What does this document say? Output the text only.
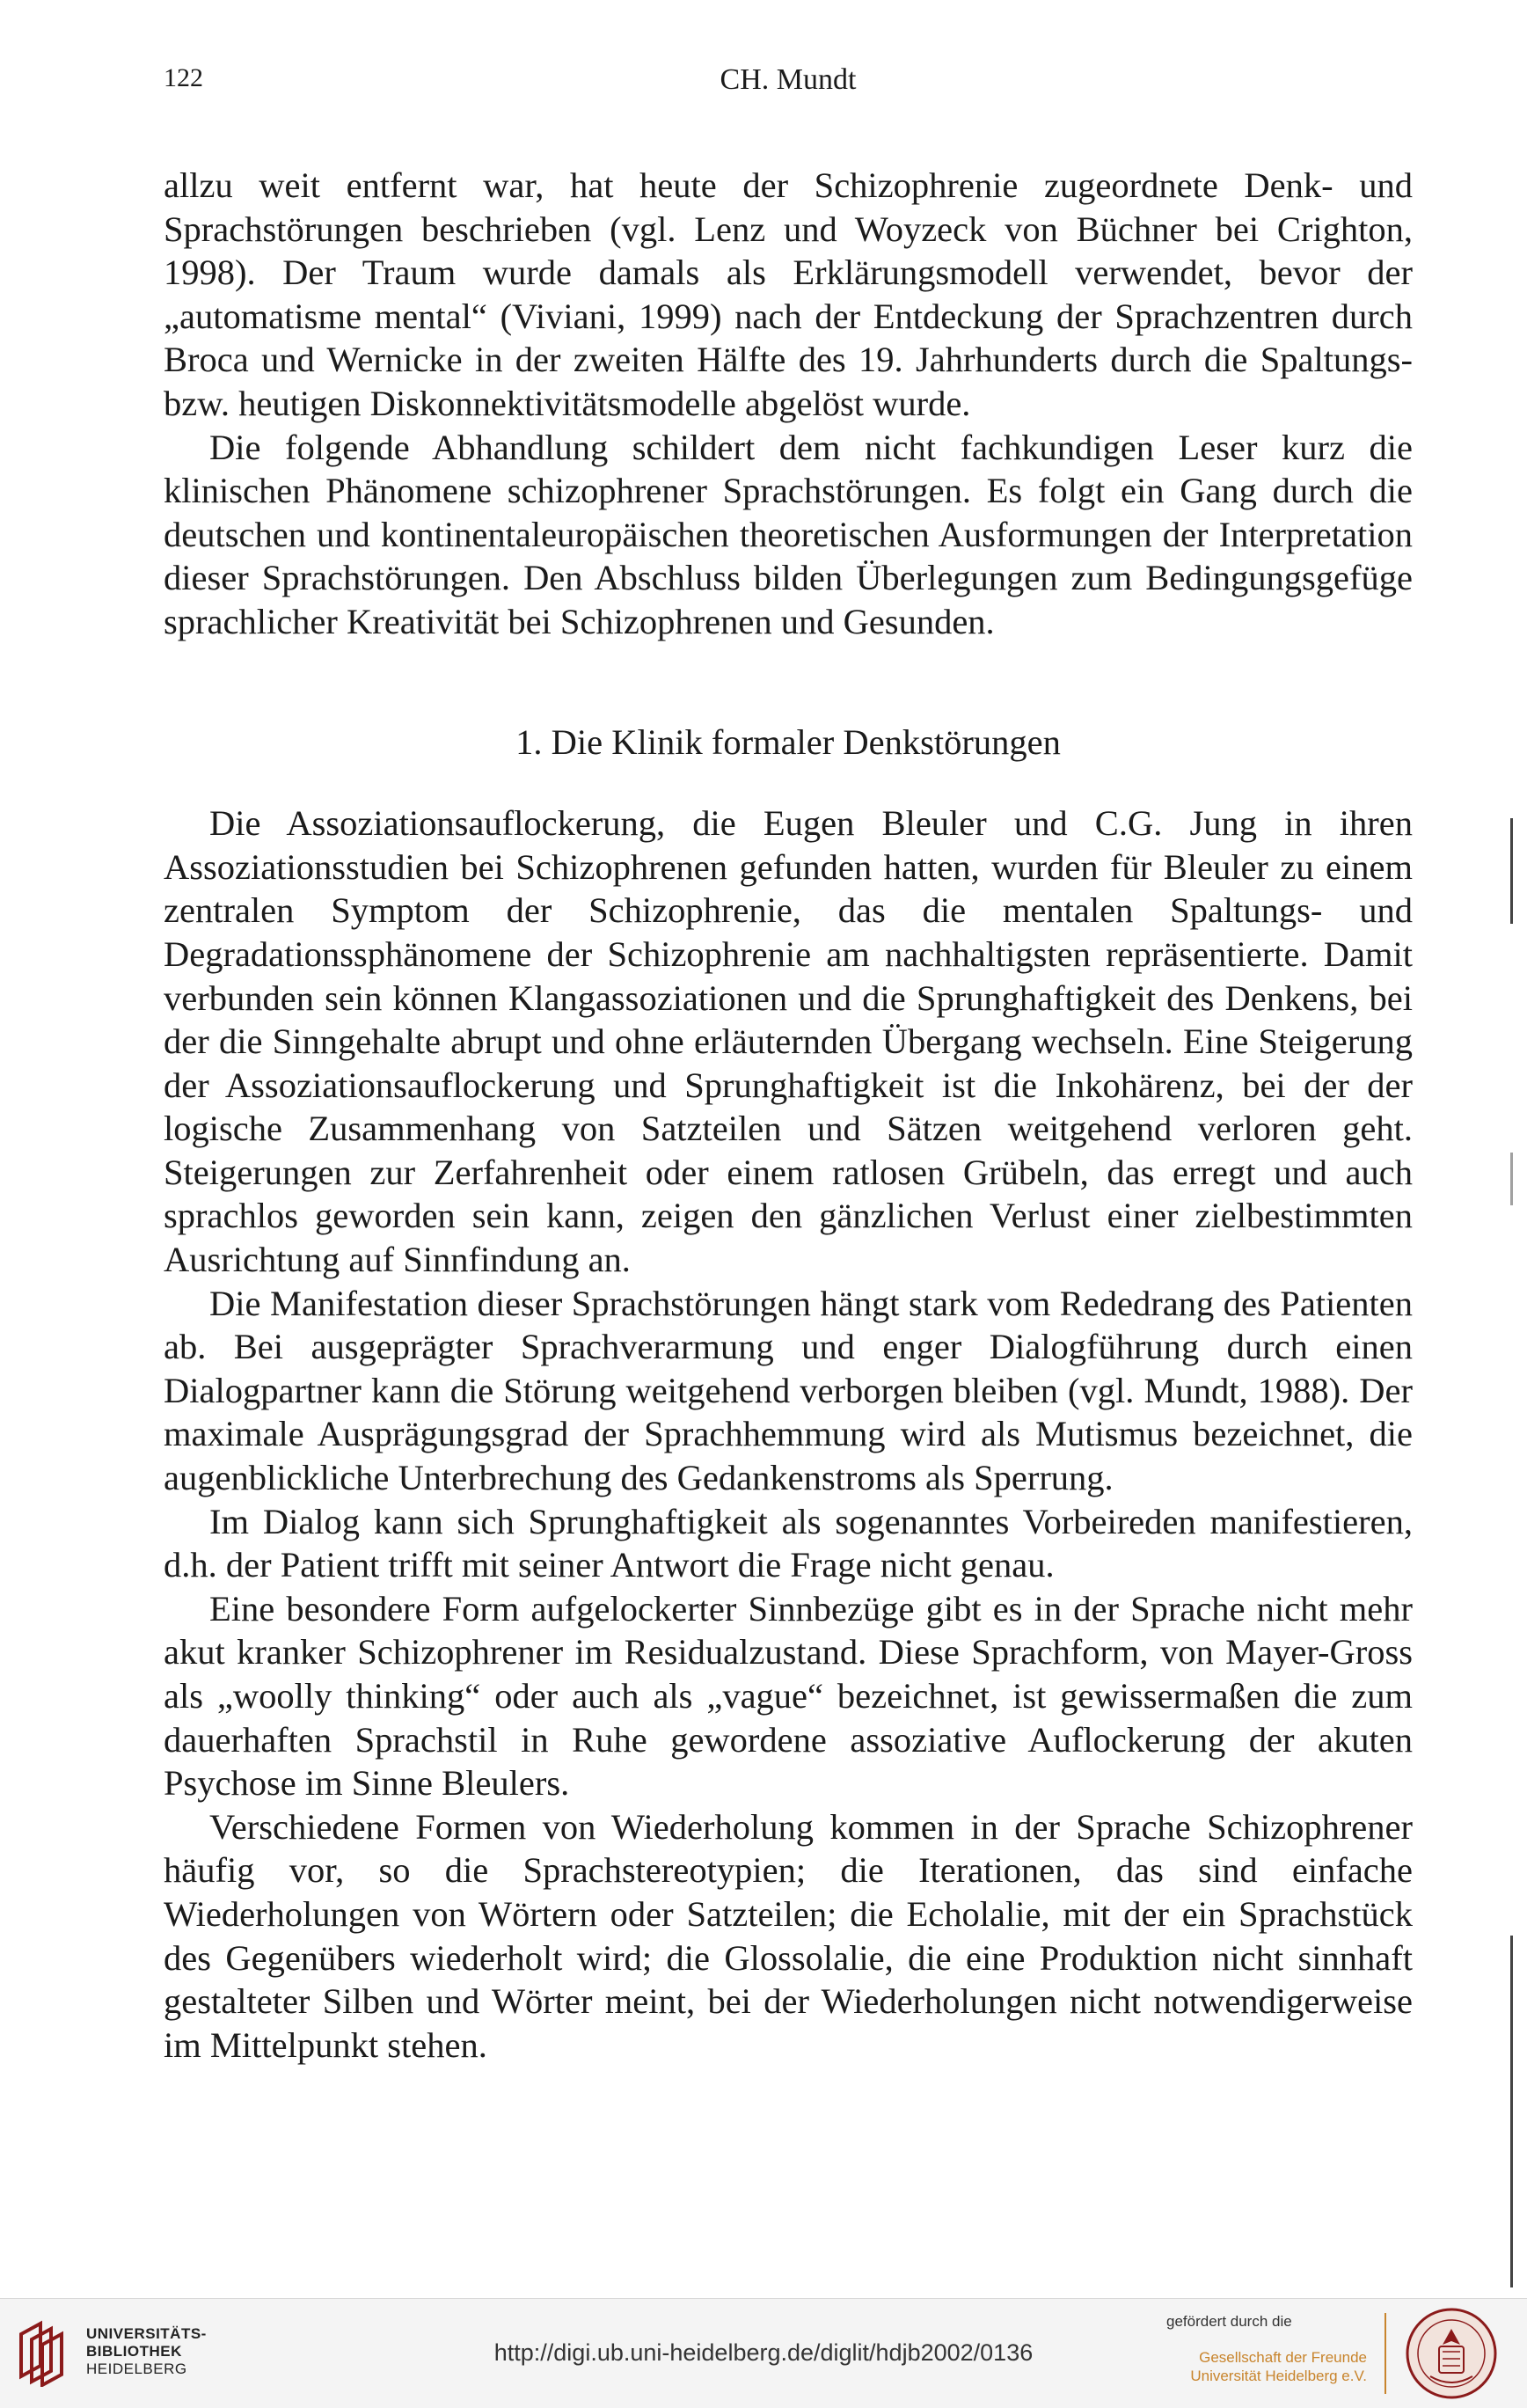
122	CH. Mundt

allzu weit entfernt war, hat heute der Schizophrenie zugeordnete Denk- und Sprachstörungen beschrieben (vgl. Lenz und Woyzeck von Büchner bei Crighton, 1998). Der Traum wurde damals als Erklärungsmodell verwendet, bevor der „automatisme mental“ (Viviani, 1999) nach der Entdeckung der Sprachzentren durch Broca und Wernicke in der zweiten Hälfte des 19. Jahrhunderts durch die Spaltungs- bzw. heutigen Diskonnektivitätsmodelle abgelöst wurde.

Die folgende Abhandlung schildert dem nicht fachkundigen Leser kurz die klinischen Phänomene schizophrener Sprachstörungen. Es folgt ein Gang durch die deutschen und kontinentaleuropäischen theoretischen Ausformungen der Interpretation dieser Sprachstörungen. Den Abschluss bilden Überlegungen zum Bedingungsgefüge sprachlicher Kreativität bei Schizophrenen und Gesunden.

1. Die Klinik formaler Denkstörungen

Die Assoziationsauflockerung, die Eugen Bleuler und C.G. Jung in ihren Assoziationsstudien bei Schizophrenen gefunden hatten, wurden für Bleuler zu einem zentralen Symptom der Schizophrenie, das die mentalen Spaltungs- und Degradationssphänomene der Schizophrenie am nachhaltigsten repräsentierte. Damit verbunden sein können Klangassoziationen und die Sprunghaftigkeit des Denkens, bei der die Sinngehalte abrupt und ohne erläuternden Übergang wechseln. Eine Steigerung der Assoziationsauflockerung und Sprunghaftigkeit ist die Inkohärenz, bei der der logische Zusammenhang von Satzteilen und Sätzen weitgehend verloren geht. Steigerungen zur Zerfahrenheit oder einem ratlosen Grübeln, das erregt und auch sprachlos geworden sein kann, zeigen den gänzlichen Verlust einer zielbestimmten Ausrichtung auf Sinnfindung an.

Die Manifestation dieser Sprachstörungen hängt stark vom Rededrang des Patienten ab. Bei ausgeprägter Sprachverarmung und enger Dialogführung durch einen Dialogpartner kann die Störung weitgehend verborgen bleiben (vgl. Mundt, 1988). Der maximale Ausprägungsgrad der Sprachhemmung wird als Mutismus bezeichnet, die augenblickliche Unterbrechung des Gedankenstroms als Sperrung.

Im Dialog kann sich Sprunghaftigkeit als sogenanntes Vorbeireden manifestieren, d.h. der Patient trifft mit seiner Antwort die Frage nicht genau.

Eine besondere Form aufgelockerter Sinnbezüge gibt es in der Sprache nicht mehr akut kranker Schizophrener im Residualzustand. Diese Sprachform, von Mayer-Gross als „woolly thinking“ oder auch als „vague“ bezeichnet, ist gewissermaßen die zum dauerhaften Sprachstil in Ruhe gewordene assoziative Auflockerung der akuten Psychose im Sinne Bleulers.

Verschiedene Formen von Wiederholung kommen in der Sprache Schizophrener häufig vor, so die Sprachstereotypien; die Iterationen, das sind einfache Wiederholungen von Wörtern oder Satzteilen; die Echolalie, mit der ein Sprachstück des Gegenübers wiederholt wird; die Glossolalie, die eine Produktion nicht sinnhaft gestalteter Silben und Wörter meint, bei der Wiederholungen nicht notwendigerweise im Mittelpunkt stehen.

UNIVERSITÄTS-
BIBLIOTHEK
HEIDELBERG
http://digi.ub.uni-heidelberg.de/diglit/hdjb2002/0136
gefördert durch die
Gesellschaft der Freunde
Universität Heidelberg e.V.
